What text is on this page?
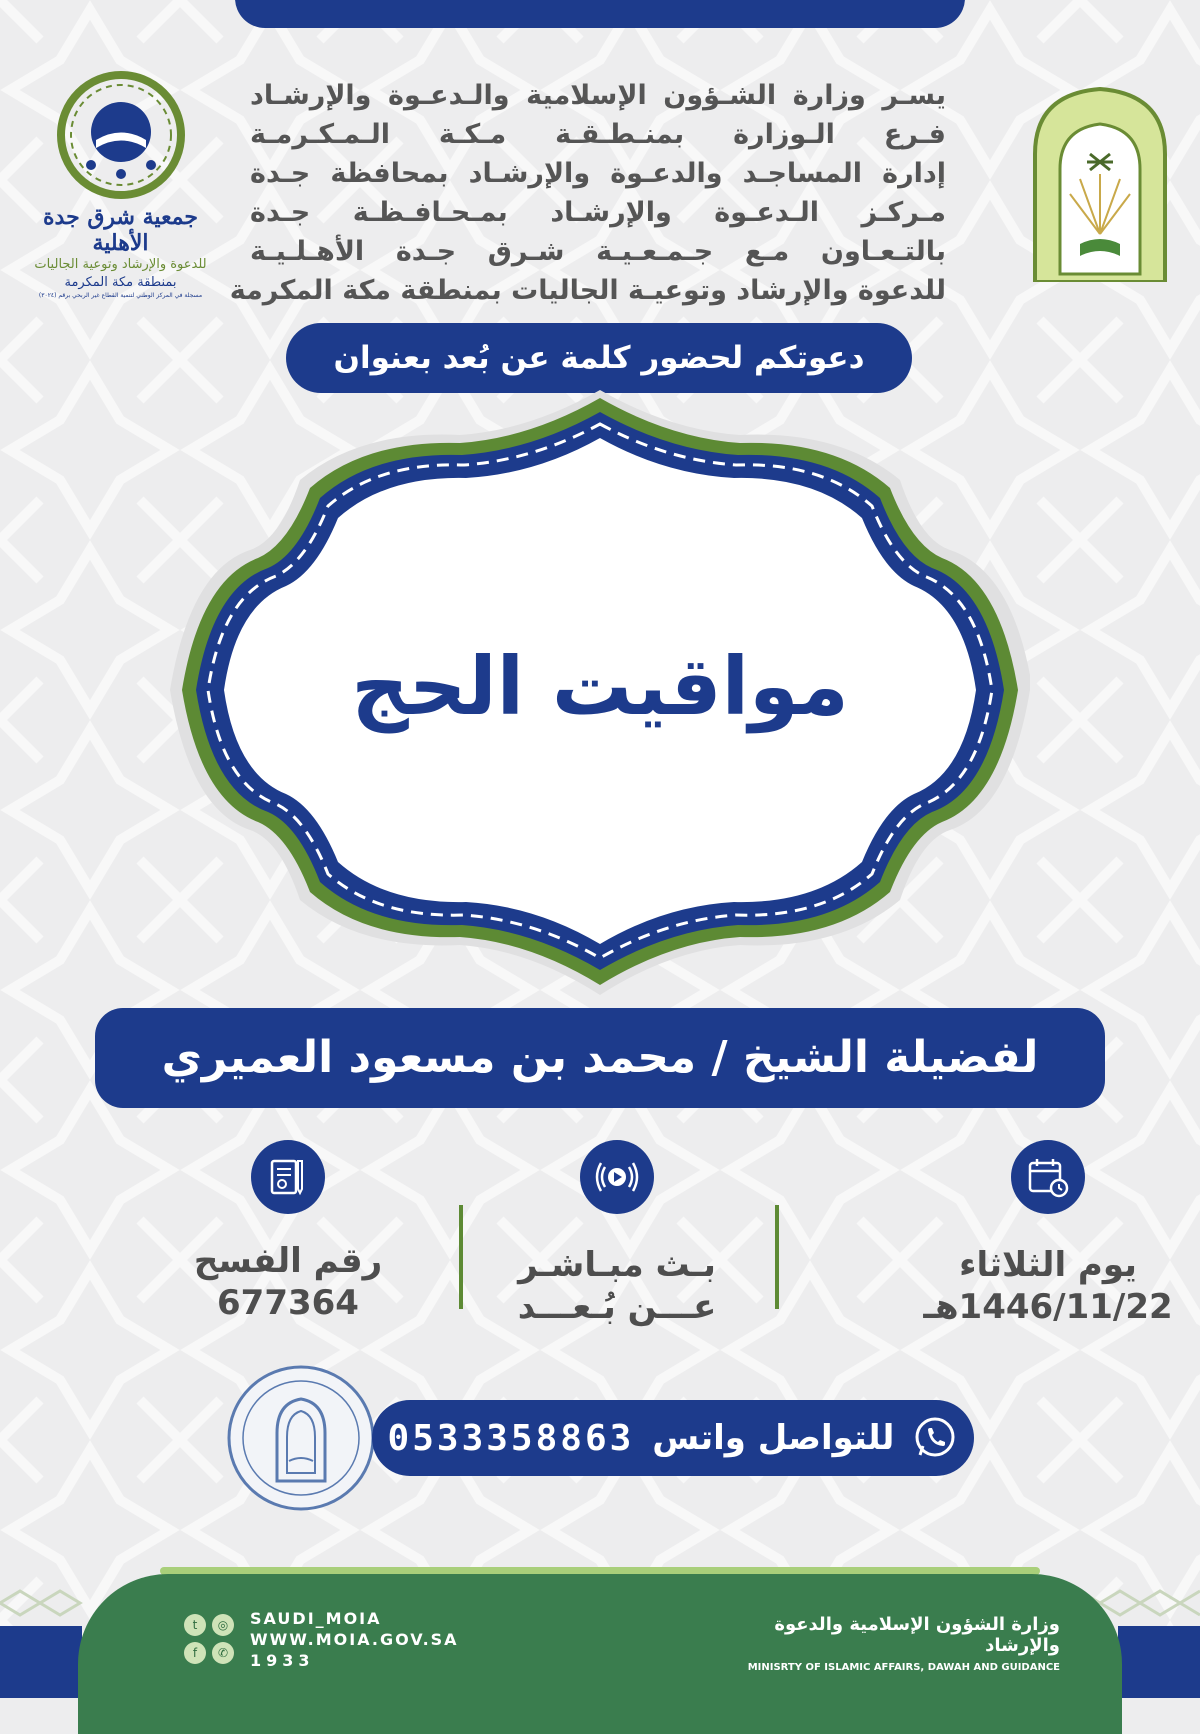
جمعية شرق جدة الأهلية
للدعوة والإرشاد وتوعية الجاليات
بمنطقة مكة المكرمة
مسجلة في المركز الوطني لتنمية القطاع غير الربحي برقم (٣٠٢٤)
يسـر وزارة الشـؤون الإسلامية والـدعـوة والإرشـاد
فـرع الـوزارة بمنـطـقـة مـكـة الـمـكـرمـة
إدارة المساجـد والدعـوة والإرشـاد بمحافظة جـدة
مـركـز الـدعـوة والإرشـاد بمـحـافـظـة جـدة
بالتـعـاون مـع جـمـعـيـة شـرق جـدة الأهـلـيـة
للدعوة والإرشاد وتوعيـة الجاليات بمنطقة مكة المكرمة
دعوتكم لحضور كلمة عن بُعد بعنوان
مواقيت الحج
لفضيلة الشيخ / محمد بن مسعود العميري
يوم الثلاثاء
1446/11/22هـ
بـث مبـاشـر
عـــن بُـعـــد
رقم الفسح
677364
0533358863 للتواصل واتس
t	◎
f	✆
SAUDI_MOIA
WWW.MOIA.GOV.SA
1933
وزارة الشؤون الإسلامية والدعوة والإرشاد
MINISRTY OF ISLAMIC AFFAIRS, DAWAH AND GUIDANCE
